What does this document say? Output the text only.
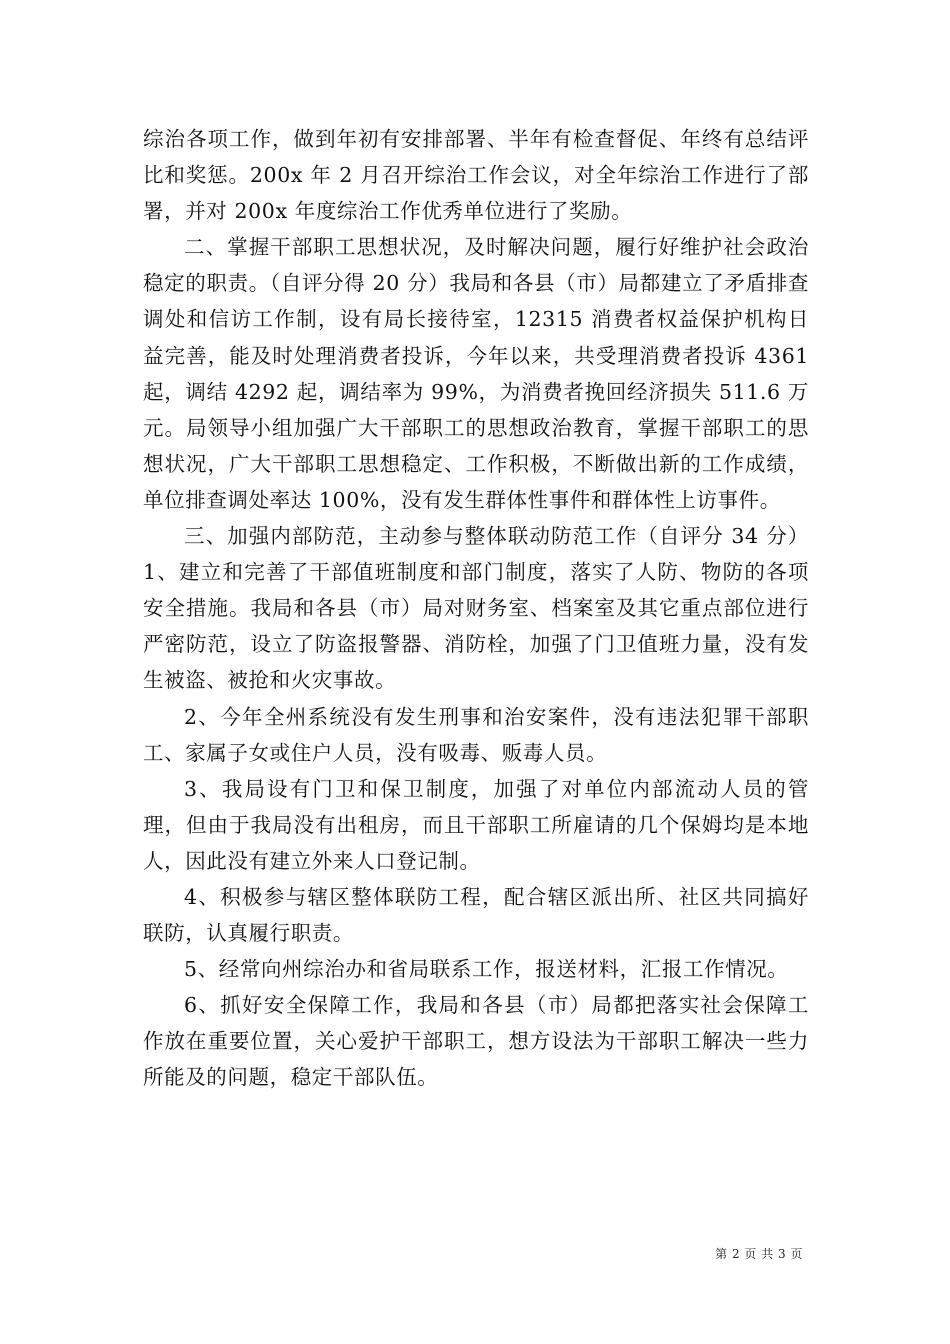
综治各项工作，做到年初有安排部署、半年有检查督促、年终有总结评比和奖惩。200x 年 2 月召开综治工作会议，对全年综治工作进行了部署，并对 200x 年度综治工作优秀单位进行了奖励。

二、掌握干部职工思想状况，及时解决问题，履行好维护社会政治稳定的职责。（自评分得 20 分）我局和各县（市）局都建立了矛盾排查调处和信访工作制，设有局长接待室，12315 消费者权益保护机构日益完善，能及时处理消费者投诉，今年以来，共受理消费者投诉 4361 起，调结 4292 起，调结率为 99%，为消费者挽回经济损失 511.6 万元。局领导小组加强广大干部职工的思想政治教育，掌握干部职工的思想状况，广大干部职工思想稳定、工作积极，不断做出新的工作成绩，单位排查调处率达 100%，没有发生群体性事件和群体性上访事件。

三、加强内部防范，主动参与整体联动防范工作（自评分 34 分）1、建立和完善了干部值班制度和部门制度，落实了人防、物防的各项安全措施。我局和各县（市）局对财务室、档案室及其它重点部位进行严密防范，设立了防盗报警器、消防栓，加强了门卫值班力量，没有发生被盗、被抢和火灾事故。

2、今年全州系统没有发生刑事和治安案件，没有违法犯罪干部职工、家属子女或住户人员，没有吸毒、贩毒人员。

3、我局设有门卫和保卫制度，加强了对单位内部流动人员的管理，但由于我局没有出租房，而且干部职工所雇请的几个保姆均是本地人，因此没有建立外来人口登记制。

4、积极参与辖区整体联防工程，配合辖区派出所、社区共同搞好联防，认真履行职责。

5、经常向州综治办和省局联系工作，报送材料，汇报工作情况。

6、抓好安全保障工作，我局和各县（市）局都把落实社会保障工作放在重要位置，关心爱护干部职工，想方设法为干部职工解决一些力所能及的问题，稳定干部队伍。

第 2 页 共 3 页
